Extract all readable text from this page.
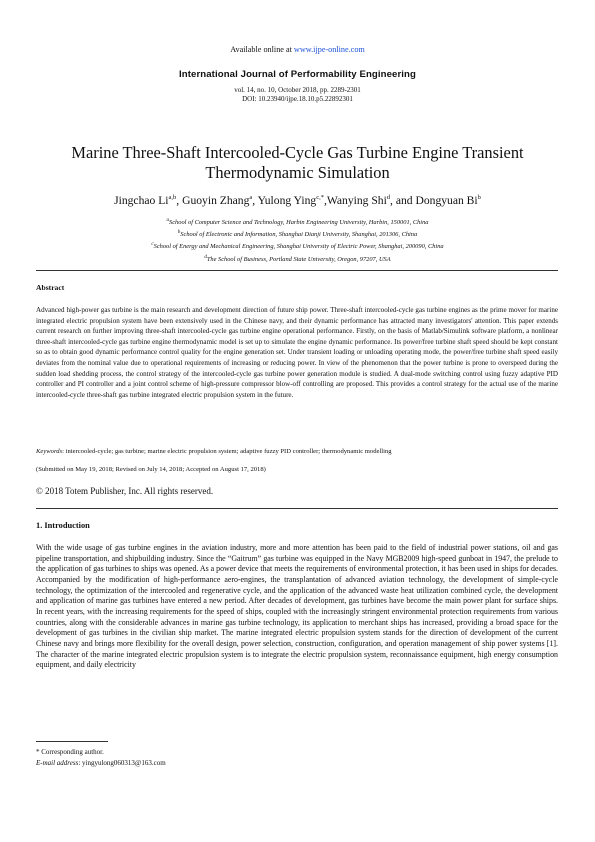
Available online at www.ijpe-online.com
International Journal of Performability Engineering
vol. 14, no. 10, October 2018, pp. 2289-2301
DOI: 10.23940/ijpe.18.10.p5.22892301
Marine Three-Shaft Intercooled-Cycle Gas Turbine Engine Transient
Thermodynamic Simulation
Jingchao Li$^{a,b}$, Guoyin Zhang$^a$, Yulong Ying$^{c,*}$,Wanying Shi$^d$, and Dongyuan Bi$^b$
$^a$School of Computer Science and Technology, Harbin Engineering University, Harbin, 150001, China
$^b$School of Electronic and Information, Shanghai Dianji University, Shanghai, 201306, China
$^c$School of Energy and Mechanical Engineering, Shanghai University of Electric Power, Shanghai, 200090, China
$^d$The School of Business, Portland State University, Oregon, 97207, USA
Abstract
Advanced high-power gas turbine is the main research and development direction of future ship power. Three-shaft intercooled-cycle gas turbine engines as the prime mover for marine integrated electric propulsion system have been extensively used in the Chinese navy, and their dynamic performance has attracted many investigators' attention. This paper extends current research on further improving three-shaft intercooled-cycle gas turbine engine operational performance. Firstly, on the basis of Matlab/Simulink software platform, a nonlinear three-shaft intercooled-cycle gas turbine engine thermodynamic model is set up to simulate the engine dynamic performance. Its power/free turbine shaft speed should be kept constant so as to obtain good dynamic performance control quality for the engine generation set. Under transient loading or unloading operating mode, the power/free turbine shaft speed easily deviates from the nominal value due to operational requirements of increasing or reducing power. In view of the phenomenon that the power turbine is prone to overspeed during the sudden load shedding process, the control strategy of the intercooled-cycle gas turbine power generation module is studied. A dual-mode switching control using fuzzy adaptive PID controller and PI controller and a joint control scheme of high-pressure compressor blow-off controlling are proposed. This provides a control strategy for the actual use of the marine intercooled-cycle three-shaft gas turbine integrated electric propulsion system in the future.
Keywords: intercooled-cycle; gas turbine; marine electric propulsion system; adaptive fuzzy PID controller; thermodynamic modelling
(Submitted on May 19, 2018; Revised on July 14, 2018; Accepted on August 17, 2018)
© 2018 Totem Publisher, Inc. All rights reserved.
1. Introduction
With the wide usage of gas turbine engines in the aviation industry, more and more attention has been paid to the field of industrial power stations, oil and gas pipeline transportation, and shipbuilding industry. Since the “Gaitrum” gas turbine was equipped in the Navy MGB2009 high-speed gunboat in 1947, the prelude to the application of gas turbines to ships was opened. As a power device that meets the requirements of environmental protection, it has been used in ships for decades. Accompanied by the modification of high-performance aero-engines, the transplantation of advanced aviation technology, the development of simple-cycle technology, the optimization of the intercooled and regenerative cycle, and the application of the advanced waste heat utilization combined cycle, the development and application of marine gas turbines have entered a new period. After decades of development, gas turbines have become the main power plant for surface ships. In recent years, with the increasing requirements for the speed of ships, coupled with the increasingly stringent environmental protection requirements from various countries, along with the considerable advances in marine gas turbine technology, its application to merchant ships has increased, providing a broad space for the development of gas turbines in the civilian ship market. The marine integrated electric propulsion system stands for the direction of development of the current Chinese navy and brings more flexibility for the overall design, power selection, construction, configuration, and operation management of ship power systems [1]. The character of the marine integrated electric propulsion system is to integrate the electric propulsion system, reconnaissance equipment, high energy consumption equipment, and daily electricity
* Corresponding author.
E-mail address: yingyulong060313@163.com
